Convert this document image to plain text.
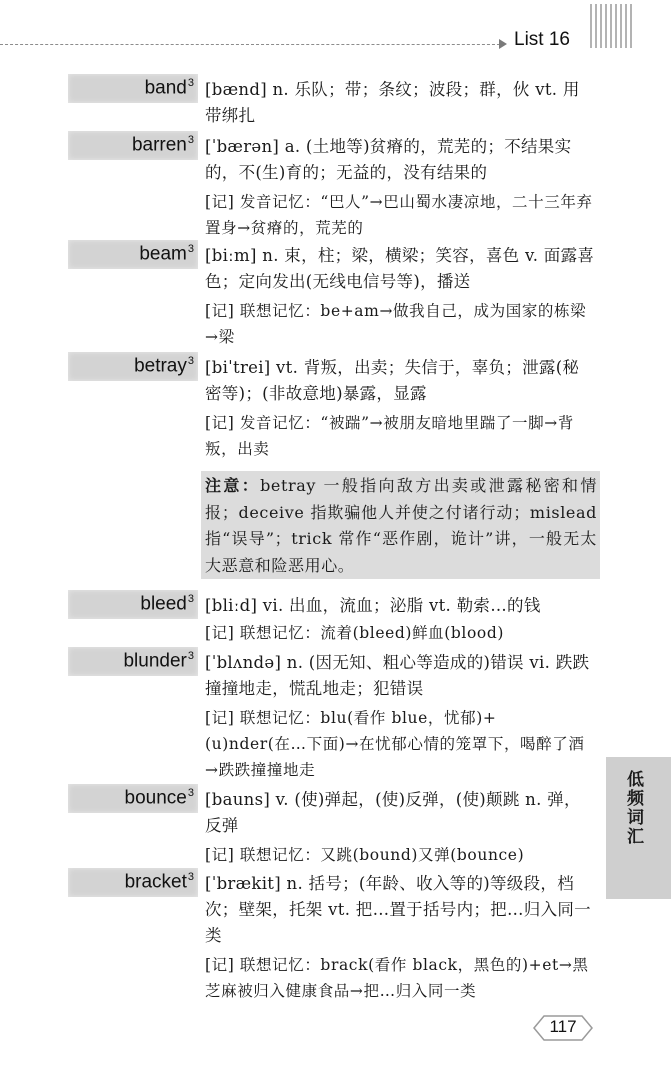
List 16
band$^3$ [bænd] n. 乐队；带；条纹；波段；群，伙 vt. 用带绑扎
barren$^3$ [ˈbærən] a. (土地等)贫瘠的，荒芜的；不结果实的，不(生)育的；无益的，没有结果的
[记] 发音记忆：“巴人”→巴山蜀水凄凉地，二十三年弃置身→贫瘠的，荒芜的
beam$^3$ [biːm] n. 束，柱；梁，横梁；笑容，喜色 v. 面露喜色；定向发出(无线电信号等)，播送
[记] 联想记忆：be+am→做我自己，成为国家的栋梁→梁
betray$^3$ [biˈtrei] vt. 背叛，出卖；失信于，辜负；泄露(秘密等)；(非故意地)暴露，显露
[记] 发音记忆：“被踹”→被朋友暗地里踹了一脚→背叛，出卖
注意：betray 一般指向敌方出卖或泄露秘密和情报；deceive 指欺骗他人并使之付诸行动；mislead 指“误导”；trick 常作“恶作剧，诡计”讲，一般无太大恶意和险恶用心。
bleed$^3$ [bliːd] vi. 出血，流血；泌脂 vt. 勒索…的钱
[记] 联想记忆：流着(bleed)鲜血(blood)
blunder$^3$ [ˈblʌndə] n. (因无知、粗心等造成的)错误 vi. 跌跌撞撞地走，慌乱地走；犯错误
[记] 联想记忆：blu(看作 blue，忧郁)+(u)nder(在…下面)→在忧郁心情的笼罩下，喝醉了酒→跌跌撞撞地走
bounce$^3$ [bauns] v. (使)弹起，(使)反弹，(使)颠跳 n. 弹，反弹
[记] 联想记忆：又跳(bound)又弹(bounce)
bracket$^3$ [ˈbrækit] n. 括号；(年龄、收入等的)等级段，档次；壁架，托架 vt. 把…置于括号内；把…归入同一类
[记] 联想记忆：brack(看作 black，黑色的)+et→黑芝麻被归入健康食品→把…归入同一类
低频词汇
117
